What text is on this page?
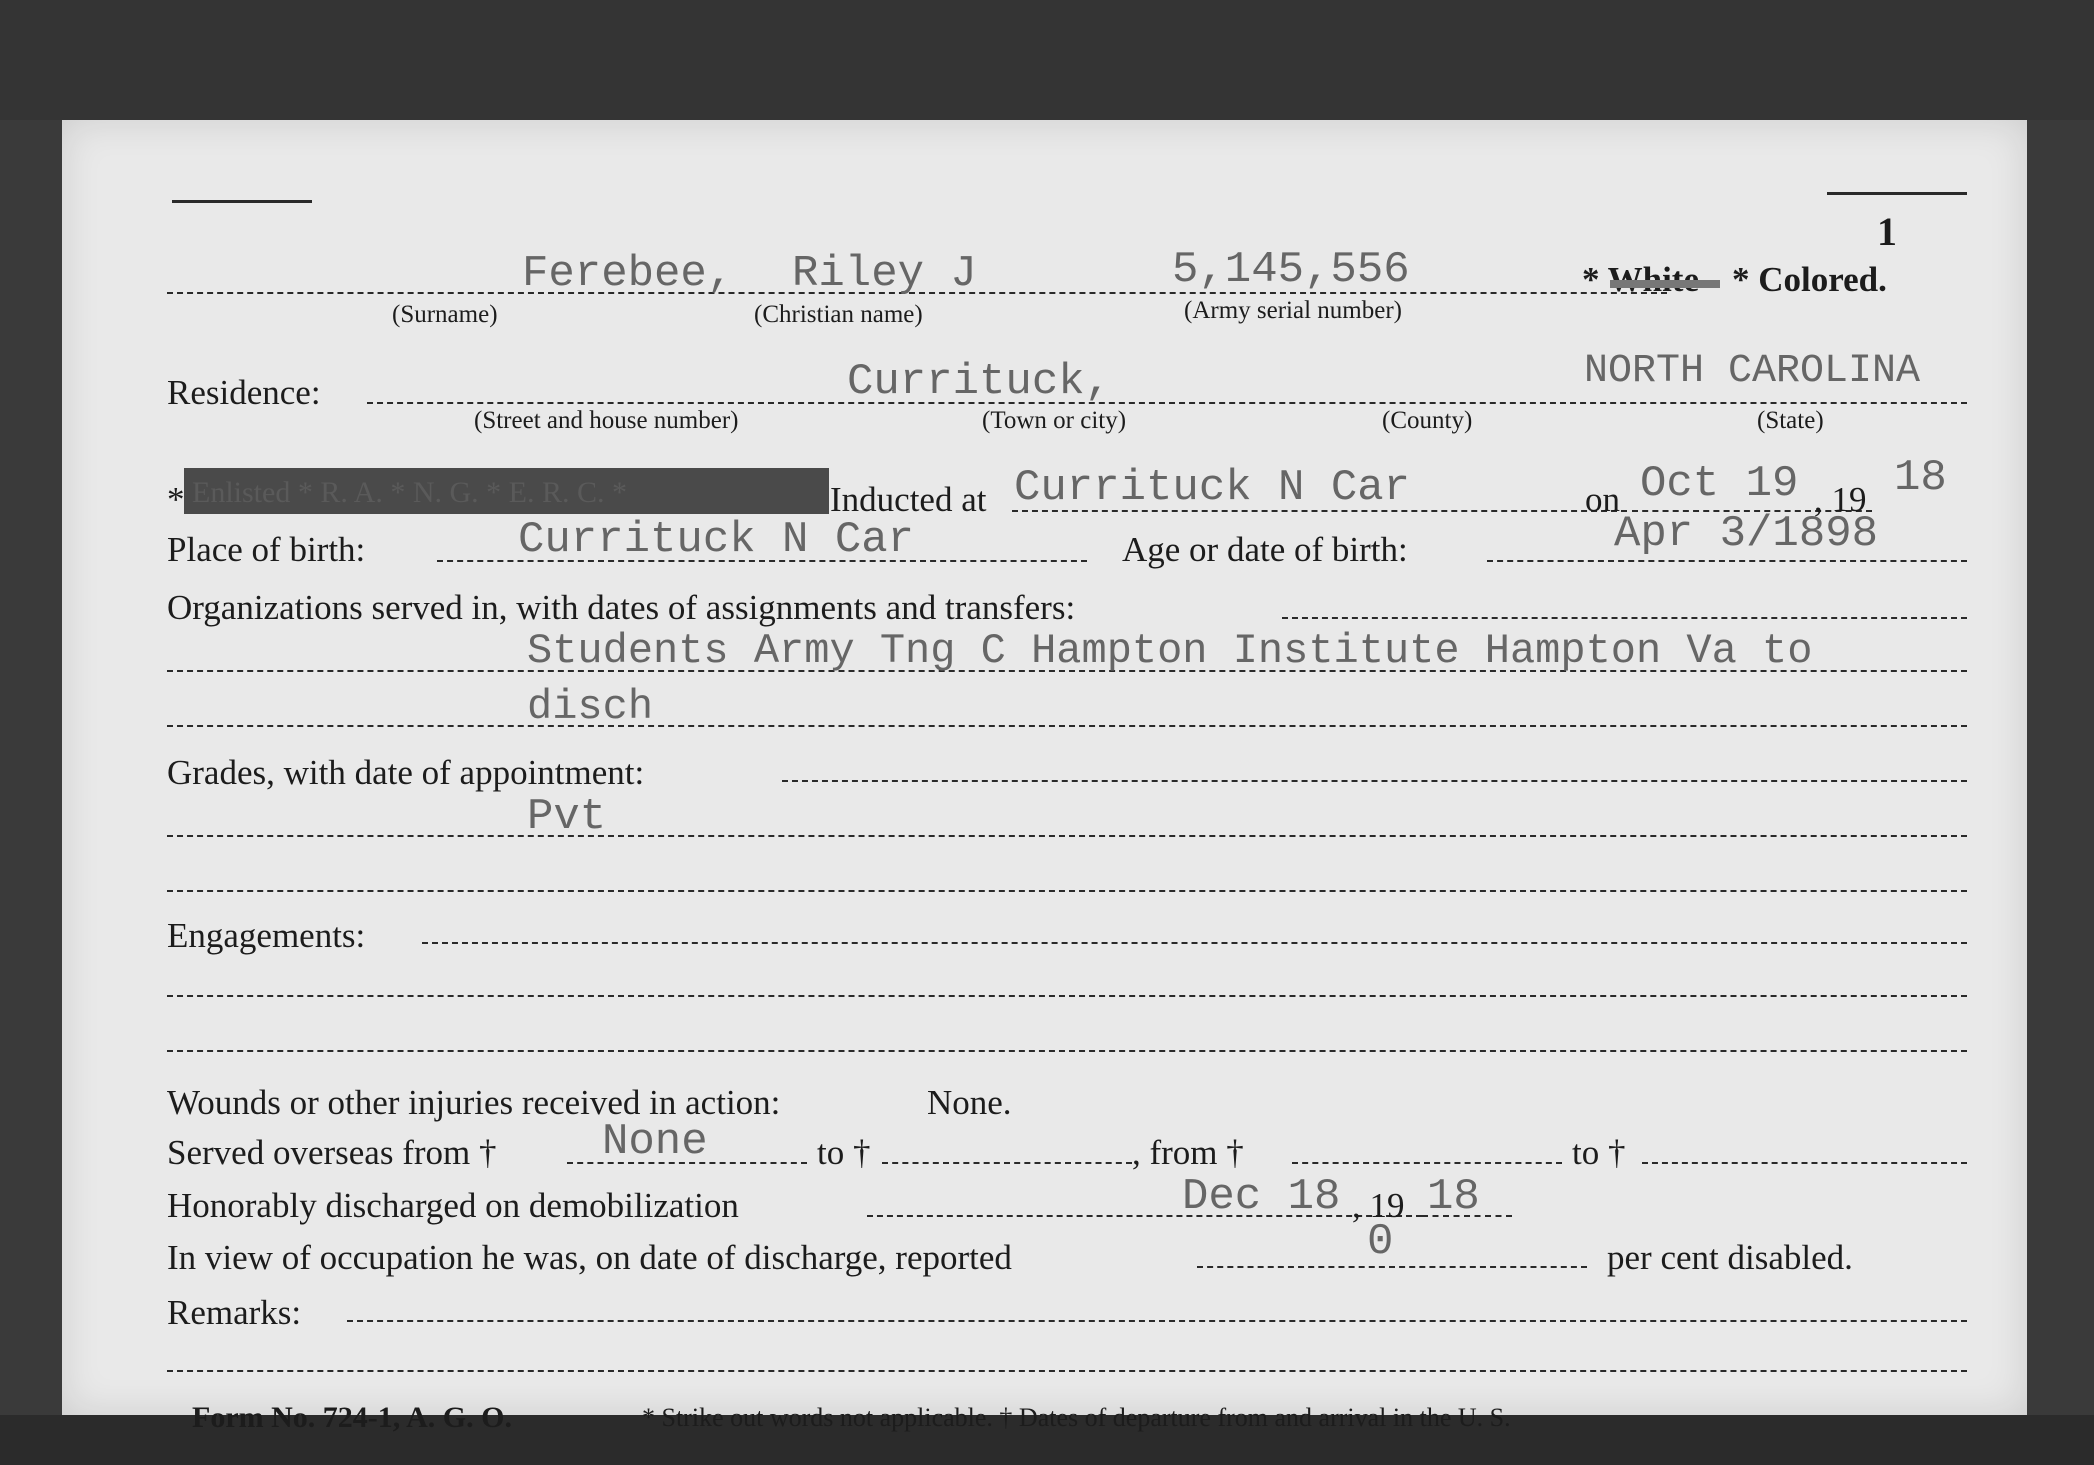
1
Ferebee, Riley J	5,145,556	* White * Colored.
(Surname)	(Christian name)	(Army serial number)
Residence:	Currituck,	NORTH CAROLINA
(Street and house number)	(Town or city)	(County)	(State)
* Enlisted * R. A. * N. G. * E. R. C. *	Inducted at Currituck N Car	on Oct 19 , 19 18
Place of birth:	Currituck N Car	Age or date of birth:	Apr 3/1898
Organizations served in, with dates of assignments and transfers:
Students Army Tng C Hampton Institute Hampton Va to
disch
Grades, with date of appointment:
Pvt
Engagements:
Wounds or other injuries received in action:	None.
Served overseas from † None	to †	, from †	to †
Honorably discharged on demobilization	Dec 18 , 19 18
In view of occupation he was, on date of discharge, reported	0	per cent disabled.
Remarks:
Form No. 724-1, A. G. O.	* Strike out words not applicable. † Dates of departure from and arrival in the U. S.
